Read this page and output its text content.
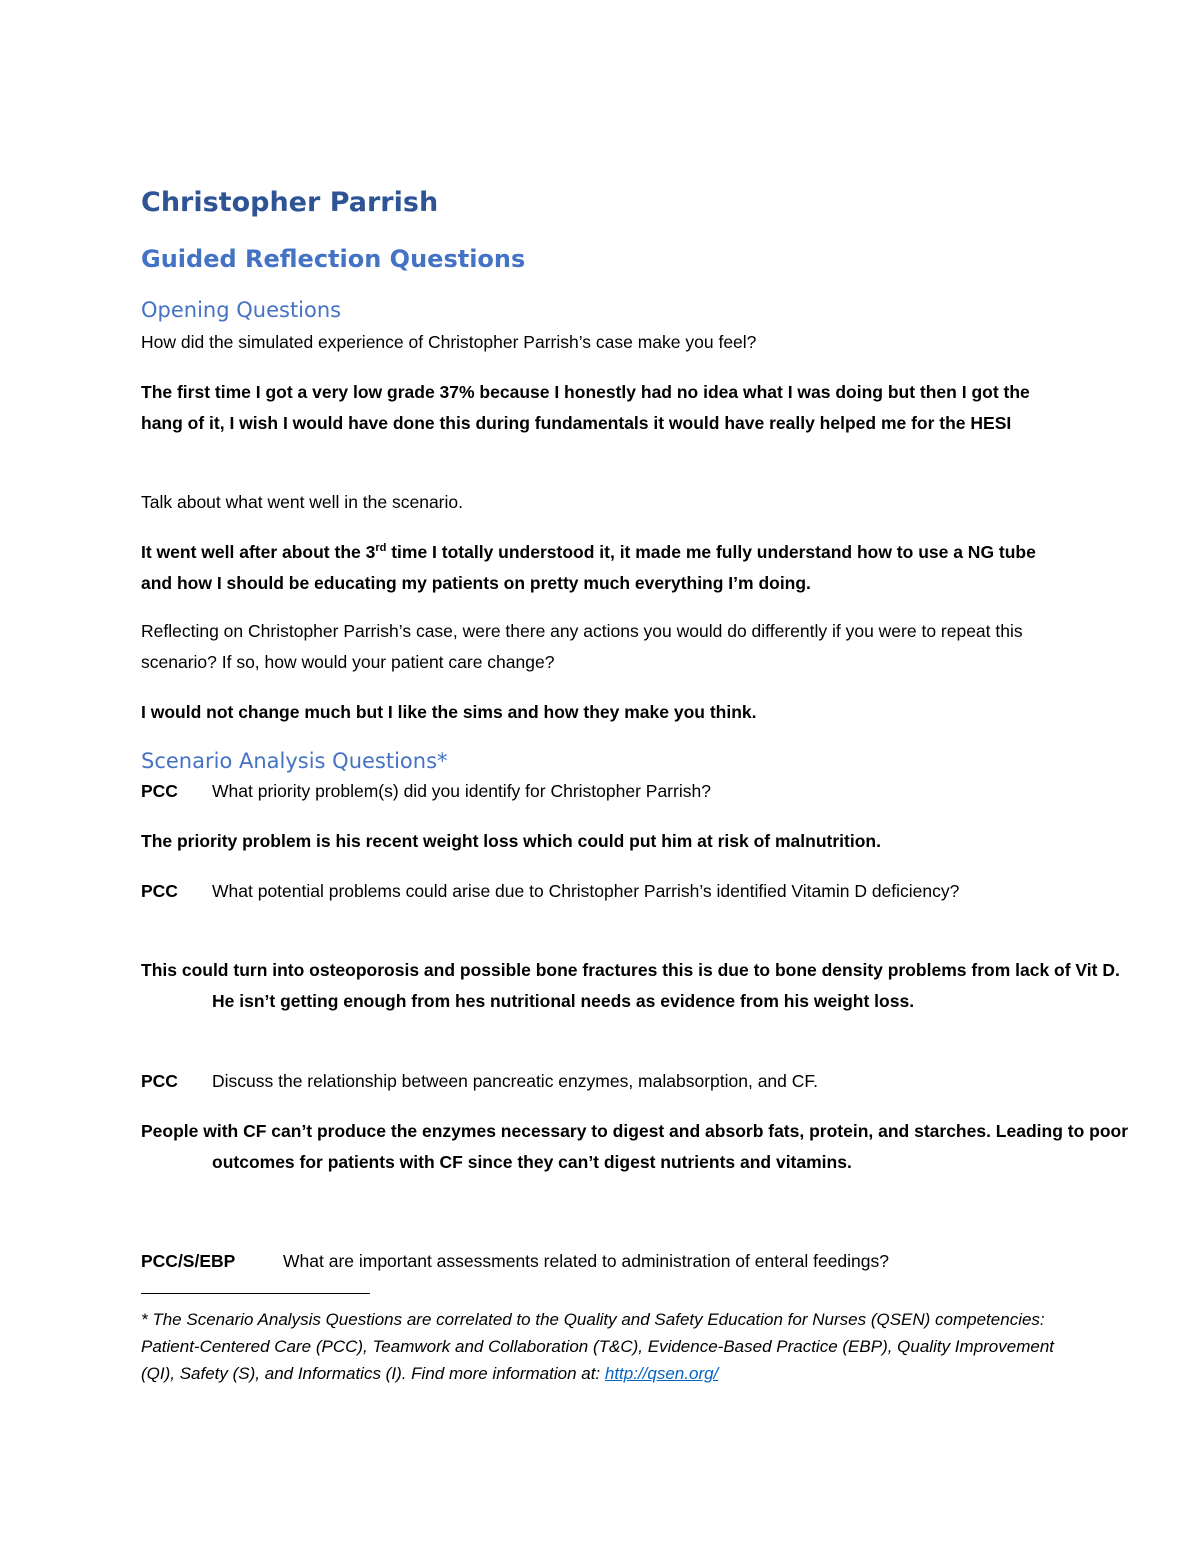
Christopher Parrish
Guided Reflection Questions
Opening Questions

How did the simulated experience of Christopher Parrish’s case make you feel?

The first time I got a very low grade 37% because I honestly had no idea what I was doing but then I got the hang of it, I wish I would have done this during fundamentals it would have really helped me for the HESI

Talk about what went well in the scenario.

It went well after about the 3rd time I totally understood it, it made me fully understand how to use a NG tube and how I should be educating my patients on pretty much everything I’m doing.

Reflecting on Christopher Parrish’s case, were there any actions you would do differently if you were to repeat this scenario? If so, how would your patient care change?

I would not change much but I like the sims and how they make you think.

Scenario Analysis Questions*
PCC	What priority problem(s) did you identify for Christopher Parrish?

The priority problem is his recent weight loss which could put him at risk of malnutrition.

PCC	What potential problems could arise due to Christopher Parrish’s identified Vitamin D deficiency?

This could turn into osteoporosis and possible bone fractures this is due to bone density problems from lack of Vit D. He isn’t getting enough from hes nutritional needs as evidence from his weight loss.

PCC	Discuss the relationship between pancreatic enzymes, malabsorption, and CF.

People with CF can’t produce the enzymes necessary to digest and absorb fats, protein, and starches. Leading to poor outcomes for patients with CF since they can’t digest nutrients and vitamins.

PCC/S/EBP	What are important assessments related to administration of enteral feedings?

* The Scenario Analysis Questions are correlated to the Quality and Safety Education for Nurses (QSEN) competencies: Patient-Centered Care (PCC), Teamwork and Collaboration (T&C), Evidence-Based Practice (EBP), Quality Improvement (QI), Safety (S), and Informatics (I). Find more information at: http://qsen.org/
